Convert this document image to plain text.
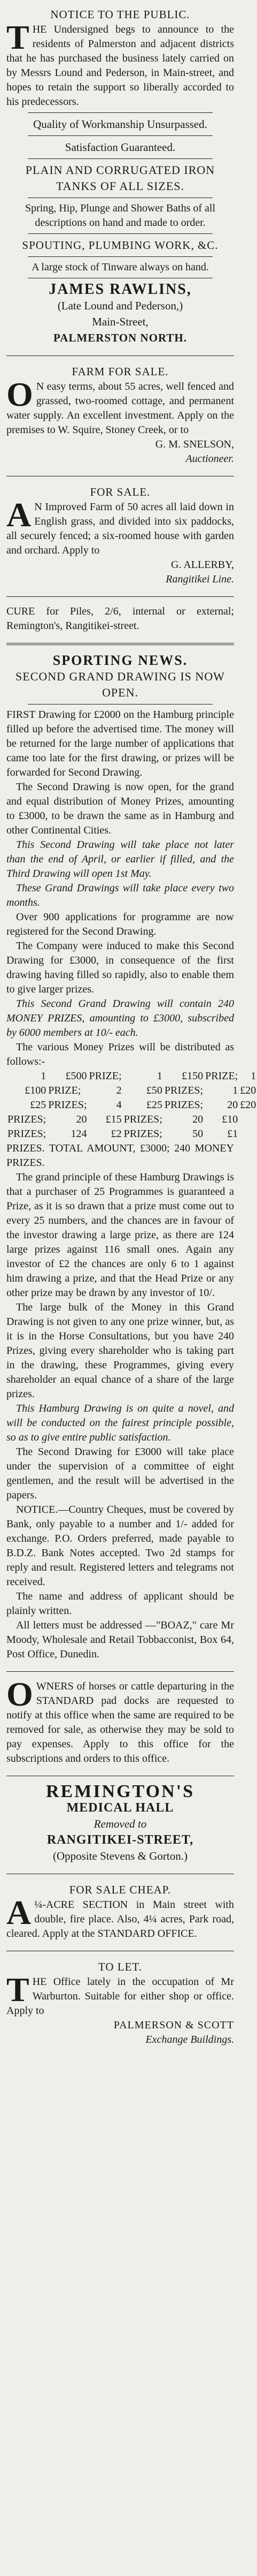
NOTICE TO THE PUBLIC.

THE Undersigned begs to announce to the residents of Palmerston and adjacent districts that he has purchased the business lately carried on by Messrs Lound and Pederson, in Main-street, and hopes to retain the support so liberally accorded to his predecessors.

Quality of Workmanship Unsurpassed.

Satisfaction Guaranteed.

PLAIN AND CORRUGATED IRON TANKS OF ALL SIZES.

Spring, Hip, Plunge and Shower Baths of all descriptions on hand and made to order.

SPOUTING, PLUMBING WORK, &C.

A large stock of Tinware always on hand.

JAMES RAWLINS,

(Late Lound and Pederson,)

Main-Street,

PALMERSTON NORTH.

FARM FOR SALE.

O N easy terms, about 55 acres, well fenced and grassed, two-roomed cottage, and permanent water supply. An excellent investment. Apply on the premises to W. Squire, Stoney Creek, or to

G. M. SNELSON,

Auctioneer.

FOR SALE.

A N Improved Farm of 50 acres all laid down in English grass, and divided into six paddocks, all securely fenced; a six-roomed house with garden and orchard. Apply to

G. ALLERBY,

Rangitikei Line.

CURE for Piles, 2/6, internal or external; Remington's, Rangitikei-street.

SPORTING NEWS.

SECOND GRAND DRAWING IS NOW OPEN.

FIRST Drawing for £2000 on the Hamburg principle filled up before the advertised time. The money will be returned for the large number of applications that came too late for the first drawing, or prizes will be forwarded for Second Drawing.

The Second Drawing is now open, for the grand and equal distribution of Money Prizes, amounting to £3000, to be drawn the same as in Hamburg and other Continental Cities.

This Second Drawing will take place not later than the end of April, or earlier if filled, and the Third Drawing will open 1st May.

These Grand Drawings will take place every two months.

Over 900 applications for programme are now registered for the Second Drawing.

The Company were induced to make this Second Drawing for £3000, in consequence of the first drawing having filled so rapidly, also to enable them to give larger prizes.

This Second Grand Drawing will contain 240 MONEY PRIZES, amounting to £3000, subscribed by 6000 members at 10/- each.

The various Money Prizes will be distributed as follows:-

1	£500	PRIZE;	1	£150	PRIZE;	1
£100	PRIZE;	2	£50	PRIZES;	1	£20
£25	PRIZES;	4	£25	PRIZES;	20	£20
PRIZES;	20	£15	PRIZES;	20	£10	
PRIZES;	124	£2	PRIZES;	50	£1	

PRIZES. TOTAL AMOUNT, £3000; 240 MONEY PRIZES.

The grand principle of these Hamburg Drawings is that a purchaser of 25 Programmes is guaranteed a Prize, as it is so drawn that a prize must come out to every 25 numbers, and the chances are in favour of the investor drawing a large prize, as there are 124 large prizes against 116 small ones. Again any investor of £2 the chances are only 6 to 1 against him drawing a prize, and that the Head Prize or any other prize may be drawn by any investor of 10/.

The large bulk of the Money in this Grand Drawing is not given to any one prize winner, but, as it is in the Horse Consultations, but you have 240 Prizes, giving every shareholder who is taking part in the drawing, these Programmes, giving every shareholder an equal chance of a share of the large prizes.

This Hamburg Drawing is on quite a novel, and will be conducted on the fairest principle possible, so as to give entire public satisfaction.

The Second Drawing for £3000 will take place under the supervision of a committee of eight gentlemen, and the result will be advertised in the papers.

NOTICE.—Country Cheques, must be covered by Bank, only payable to a number and 1/- added for exchange. P.O. Orders preferred, made payable to B.D.Z. Bank Notes accepted. Two 2d stamps for reply and result. Registered letters and telegrams not received.

The name and address of applicant should be plainly written.

All letters must be addressed —"BOAZ," care Mr Moody, Wholesale and Retail Tobbacconist, Box 64, Post Office, Dunedin.

OWNERS of horses or cattle departuring in the STANDARD pad docks are requested to notify at this office when the same are required to be removed for sale, as otherwise they may be sold to pay expenses. Apply to this office for the subscriptions and orders to this office.

REMINGTON'S

MEDICAL HALL

Removed to

RANGITIKEI-STREET,

(Opposite Stevens & Gorton.)

FOR SALE CHEAP.

A ¼-ACRE SECTION in Main street with double, fire place. Also, 4¼ acres, Park road, cleared. Apply at the STANDARD OFFICE.

TO LET.

THE Office lately in the occupation of Mr Warburton. Suitable for either shop or office. Apply to

PALMERSON & SCOTT

Exchange Buildings.
